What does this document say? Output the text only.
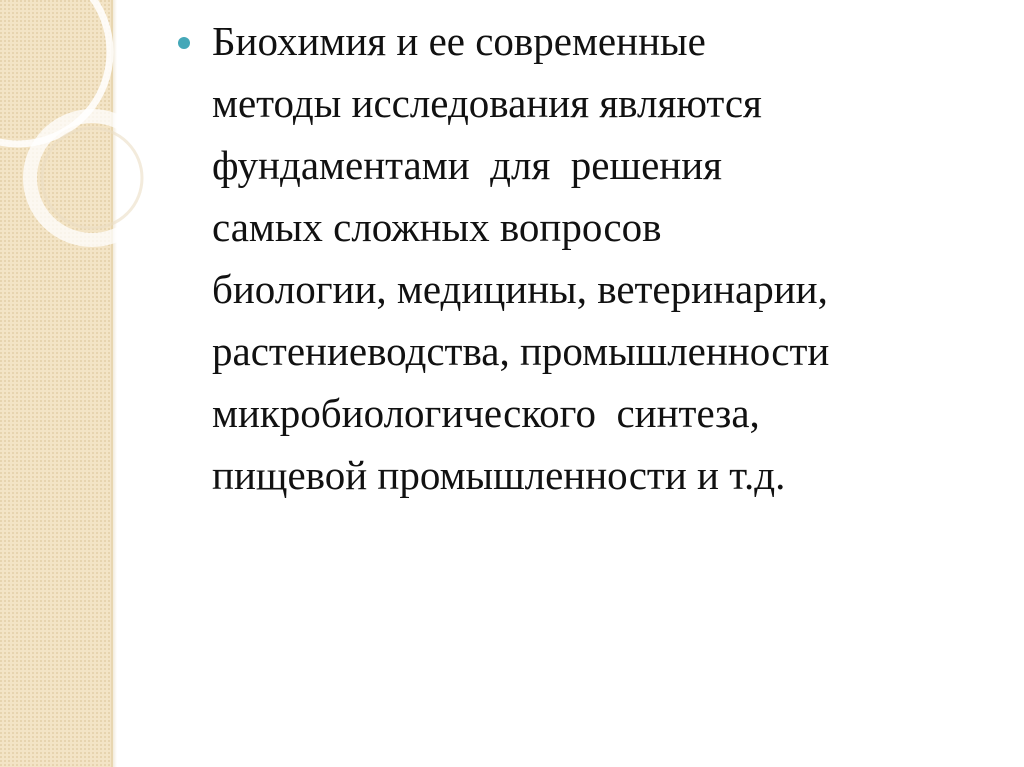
Биохимия и ее современные
методы исследования являются
фундаментами  для  решения
самых сложных вопросов
биологии, медицины, ветеринарии,
растениеводства, промышленности
микробиологического  синтеза,
пищевой промышленности и т.д.
